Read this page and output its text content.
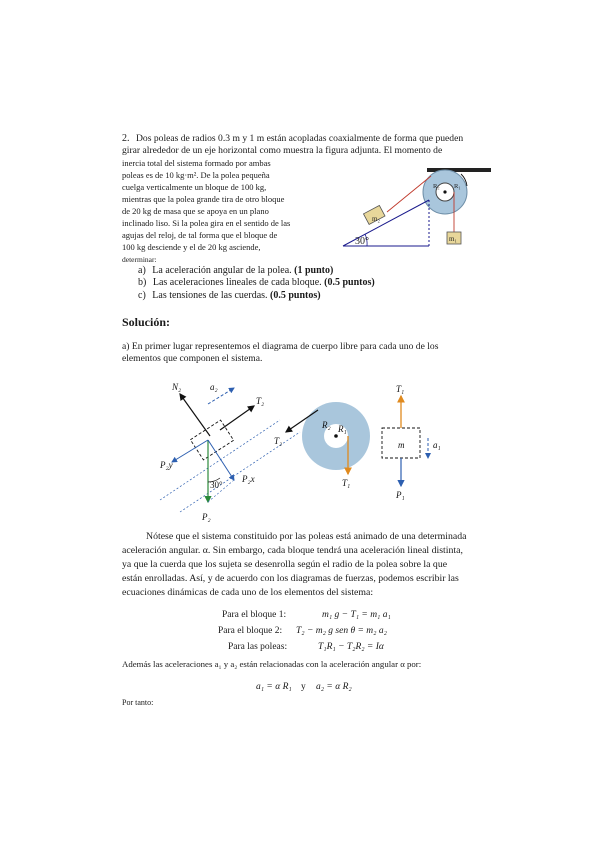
2. Dos poleas de radios 0.3 m y 1 m están acopladas coaxialmente de forma que pueden
girar alrededor de un eje horizontal como muestra la figura adjunta. El momento de
inercia total del sistema formado por ambas
poleas es de 10 kg·m². De la polea pequeña
cuelga verticalmente un bloque de 100 kg,
mientras que la polea grande tira de otro bloque
de 20 kg de masa que se apoya en un plano
inclinado liso. Si la polea gira en el sentido de las
agujas del reloj, de tal forma que el bloque de
100 kg desciende y el de 20 kg asciende,
determinar:
a) La aceleración angular de la polea. (1 punto)
b) Las aceleraciones lineales de cada bloque. (0.5 puntos)
c) Las tensiones de las cuerdas. (0.5 puntos)
30°
m₂
m₁
R₂ R₁
Solución:
a) En primer lugar representemos el diagrama de cuerpo libre para cada uno de los
elementos que componen el sistema.
N₂	a₂
T₂
P₂y
P₂x
30°
P₂
T₂
R₂ R₁
T₁
T₁
m	a₁
P₁
Nótese que el sistema constituido por las poleas está animado de una determinada
aceleración angular. α. Sin embargo, cada bloque tendrá una aceleración lineal distinta,
ya que la cuerda que los sujeta se desenrolla según el radio de la polea sobre la que
están enrolladas. Así, y de acuerdo con los diagramas de fuerzas, podemos escribir las
ecuaciones dinámicas de cada uno de los elementos del sistema:
Para el bloque 1:	m₁ g − T₁ = m₁ a₁
Para el bloque 2: T₂ − m₂ g sen θ = m₂ a₂
Para las poleas:	T₁R₁ − T₂R₂ = Iα
Además las aceleraciones a₁ y a₂ están relacionadas con la aceleración angular α por:
a₁ = α R₁ y a₂ = α R₂
Por tanto:
